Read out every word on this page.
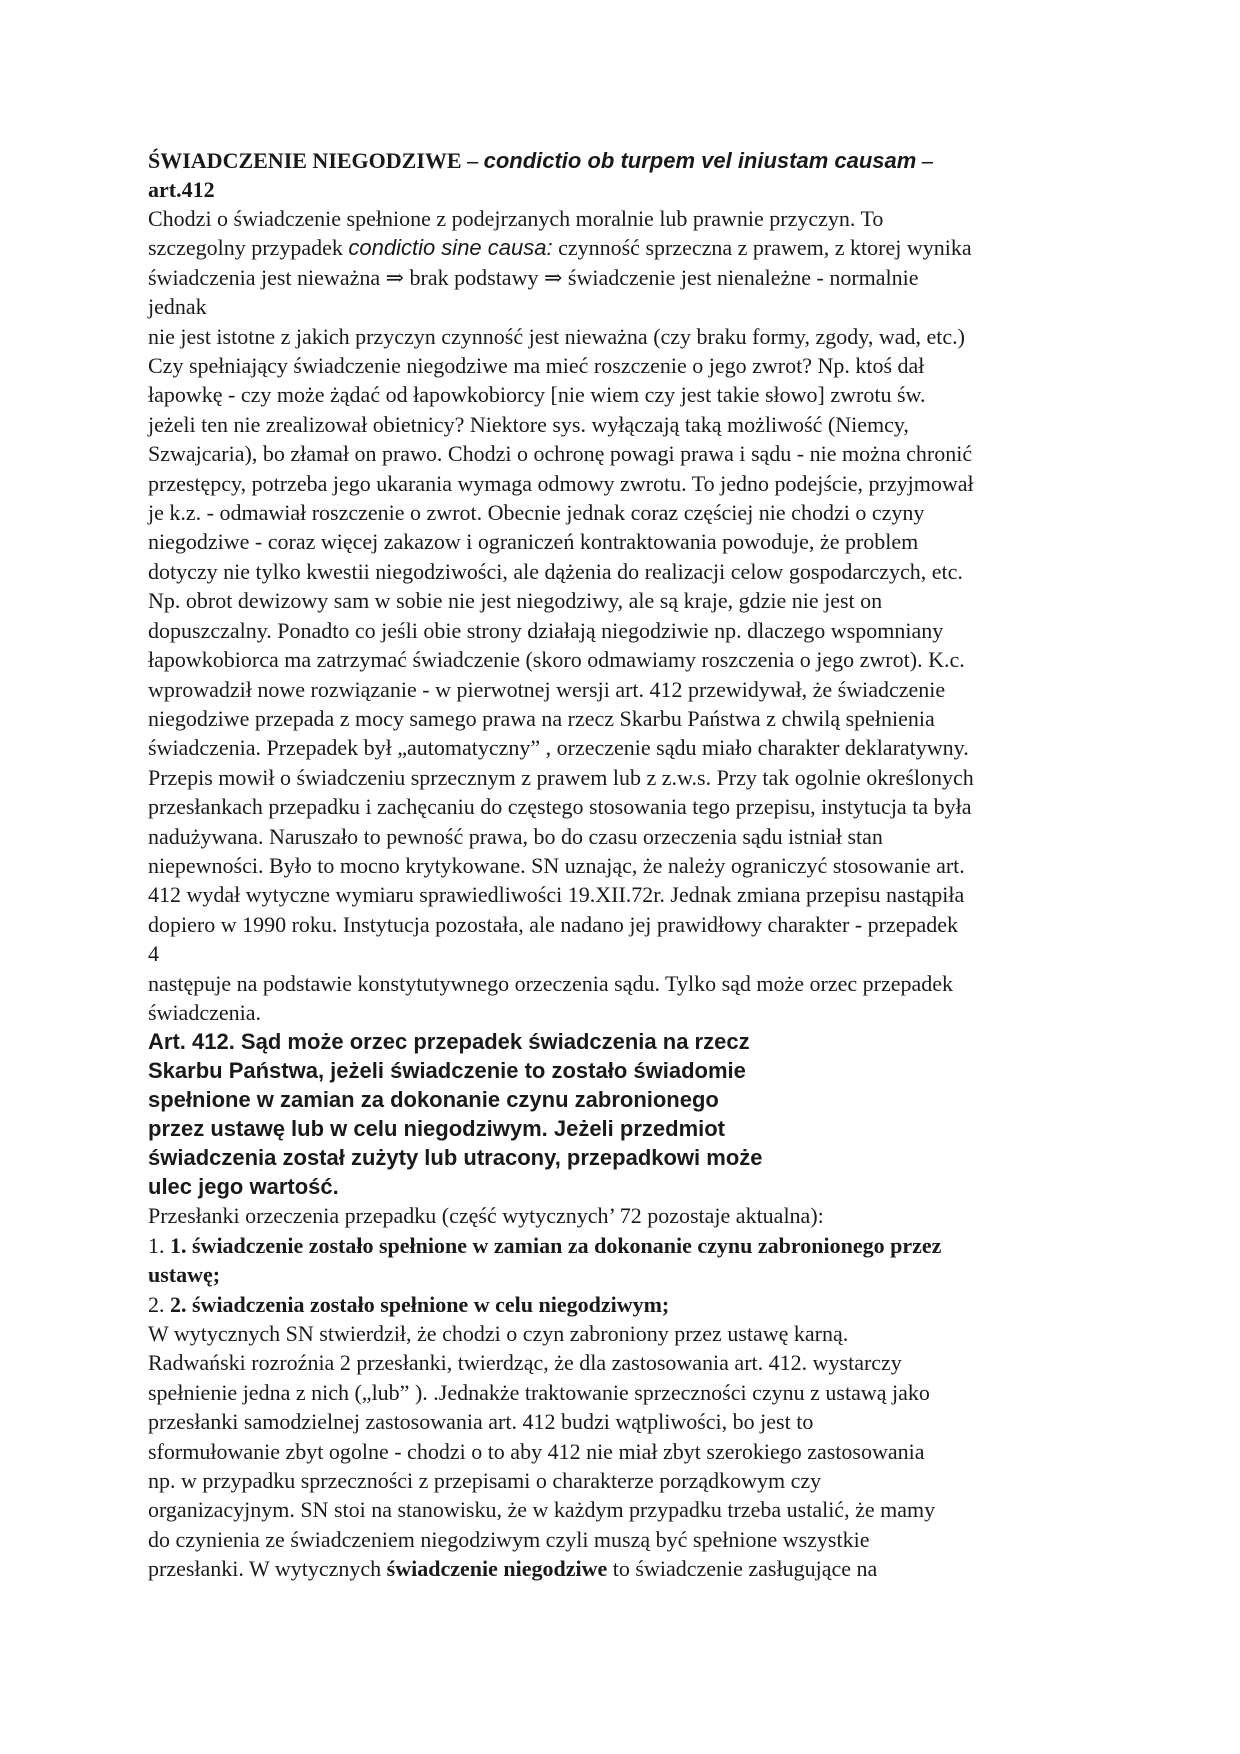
ŚWIADCZENIE NIEGODZIWE – condictio ob turpem vel iniustam causam –
art.412
Chodzi o świadczenie spełnione z podejrzanych moralnie lub prawnie przyczyn. To
szczegolny przypadek condictio sine causa: czynność sprzeczna z prawem, z ktorej wynika
świadczenia jest nieważna ⇒ brak podstawy ⇒ świadczenie jest nienależne ‐ normalnie
jednak
nie jest istotne z jakich przyczyn czynność jest nieważna (czy braku formy, zgody, wad, etc.)
Czy spełniający świadczenie niegodziwe ma mieć roszczenie o jego zwrot? Np. ktoś dał
łapowkę ‐ czy może żądać od łapowkobiorcy [nie wiem czy jest takie słowo] zwrotu św.
jeżeli ten nie zrealizował obietnicy? Niektore sys. wyłączają taką możliwość (Niemcy,
Szwajcaria), bo złamał on prawo. Chodzi o ochronę powagi prawa i sądu ‐ nie można chronić
przestępcy, potrzeba jego ukarania wymaga odmowy zwrotu. To jedno podejście, przyjmował
je k.z. ‐ odmawiał roszczenie o zwrot. Obecnie jednak coraz częściej nie chodzi o czyny
niegodziwe ‐ coraz więcej zakazow i ograniczeń kontraktowania powoduje, że problem
dotyczy nie tylko kwestii niegodziwości, ale dążenia do realizacji celow gospodarczych, etc.
Np. obrot dewizowy sam w sobie nie jest niegodziwy, ale są kraje, gdzie nie jest on
dopuszczalny. Ponadto co jeśli obie strony działają niegodziwie np. dlaczego wspomniany
łapowkobiorca ma zatrzymać świadczenie (skoro odmawiamy roszczenia o jego zwrot). K.c.
wprowadził nowe rozwiązanie ‐ w pierwotnej wersji art. 412 przewidywał, że świadczenie
niegodziwe przepada z mocy samego prawa na rzecz Skarbu Państwa z chwilą spełnienia
świadczenia. Przepadek był „automatyczny” , orzeczenie sądu miało charakter deklaratywny.
Przepis mowił o świadczeniu sprzecznym z prawem lub z z.w.s. Przy tak ogolnie określonych
przesłankach przepadku i zachęcaniu do częstego stosowania tego przepisu, instytucja ta była
nadużywana. Naruszało to pewność prawa, bo do czasu orzeczenia sądu istniał stan
niepewności. Było to mocno krytykowane. SN uznając, że należy ograniczyć stosowanie art.
412 wydał wytyczne wymiaru sprawiedliwości 19.XII.72r. Jednak zmiana przepisu nastąpiła
dopiero w 1990 roku. Instytucja pozostała, ale nadano jej prawidłowy charakter ‐ przepadek
4
następuje na podstawie konstytutywnego orzeczenia sądu. Tylko sąd może orzec przepadek
świadczenia.
Art. 412. Sąd może orzec przepadek świadczenia na rzecz
Skarbu Państwa, jeżeli świadczenie to zostało świadomie
spełnione w zamian za dokonanie czynu zabronionego
przez ustawę lub w celu niegodziwym. Jeżeli przedmiot
świadczenia został zużyty lub utracony, przepadkowi może
ulec jego wartość.
Przesłanki orzeczenia przepadku (część wytycznych’ 72 pozostaje aktualna):
1. 1. świadczenie zostało spełnione w zamian za dokonanie czynu zabronionego przez
ustawę;
2. 2. świadczenia zostało spełnione w celu niegodziwym;
W wytycznych SN stwierdził, że chodzi o czyn zabroniony przez ustawę karną.
Radwański rozroźnia 2 przesłanki, twierdząc, że dla zastosowania art. 412. wystarczy
spełnienie jedna z nich („lub” ). .Jednakże traktowanie sprzeczności czynu z ustawą jako
przesłanki samodzielnej zastosowania art. 412 budzi wątpliwości, bo jest to
sformułowanie zbyt ogolne ‐ chodzi o to aby 412 nie miał zbyt szerokiego zastosowania
np. w przypadku sprzeczności z przepisami o charakterze porządkowym czy
organizacyjnym. SN stoi na stanowisku, że w każdym przypadku trzeba ustalić, że mamy
do czynienia ze świadczeniem niegodziwym czyli muszą być spełnione wszystkie
przesłanki. W wytycznych świadczenie niegodziwe to świadczenie zasługujące na
